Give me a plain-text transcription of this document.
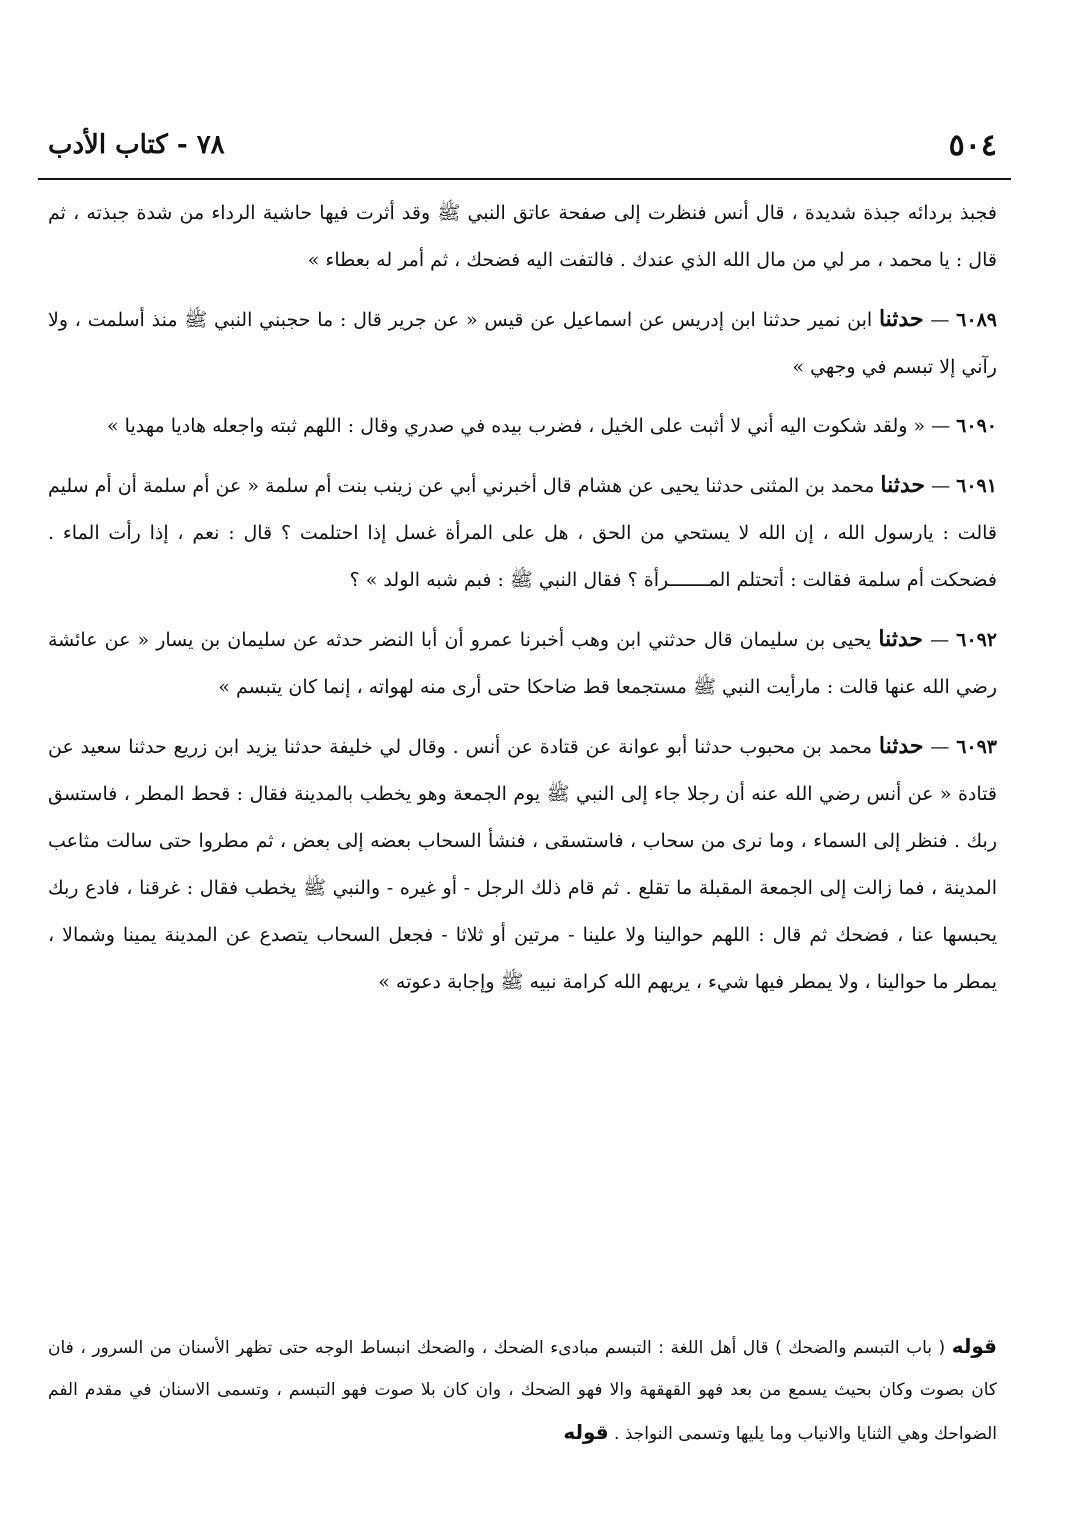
٥٠٤
٧٨ - كتاب الأدب

فجبذ بردائه جبذة شديدة ، قال أنس فنظرت إلى صفحة عاتق النبي ﷺ وقد أثرت فيها حاشية الرداء من شدة جبذته ، ثم قال : يا محمد ، مر لي من مال الله الذي عندك . فالتفت اليه فضحك ، ثم أمر له بعطاء »

٦٠٨٩ — حدثنا ابن نمير حدثنا ابن إدريس عن اسماعيل عن قيس « عن جرير قال : ما حجبني النبي ﷺ منذ أسلمت ، ولا رآني إلا تبسم في وجهي »

٦٠٩٠ — « ولقد شكوت اليه أني لا أثبت على الخيل ، فضرب بيده في صدري وقال : اللهم ثبته واجعله هاديا مهديا »

٦٠٩١ — حدثنا محمد بن المثنى حدثنا يحيى عن هشام قال أخبرني أبي عن زينب بنت أم سلمة « عن أم سلمة أن أم سليم قالت : يارسول الله ، إن الله لا يستحي من الحق ، هل على المرأة غسل إذا احتلمت ؟ قال : نعم ، إذا رأت الماء . فضحكت أم سلمة فقالت : أتحتلم المـــــــرأة ؟ فقال النبي ﷺ : فبم شبه الولد » ؟

٦٠٩٢ — حدثنا يحيى بن سليمان قال حدثني ابن وهب أخبرنا عمرو أن أبا النضر حدثه عن سليمان بن يسار « عن عائشة رضي الله عنها قالت : مارأيت النبي ﷺ مستجمعا قط ضاحكا حتى أرى منه لهواته ، إنما كان يتبسم »

٦٠٩٣ — حدثنا محمد بن محبوب حدثنا أبو عوانة عن قتادة عن أنس . وقال لي خليفة حدثنا يزيد ابن زريع حدثنا سعيد عن قتادة « عن أنس رضي الله عنه أن رجلا جاء إلى النبي ﷺ يوم الجمعة وهو يخطب بالمدينة فقال : قحط المطر ، فاستسق ربك . فنظر إلى السماء ، وما نرى من سحاب ، فاستسقى ، فنشأ السحاب بعضه إلى بعض ، ثم مطروا حتى سالت مثاعب المدينة ، فما زالت إلى الجمعة المقبلة ما تقلع . ثم قام ذلك الرجل - أو غيره - والنبي ﷺ يخطب فقال : غرقنا ، فادع ربك يحبسها عنا ، فضحك ثم قال : اللهم حوالينا ولا علينا - مرتين أو ثلاثا - فجعل السحاب يتصدع عن المدينة يمينا وشمالا ، يمطر ما حوالينا ، ولا يمطر فيها شيء ، يريهم الله كرامة نبيه ﷺ وإجابة دعوته »

قوله ( باب التبسم والضحك ) قال أهل اللغة : التبسم مبادىء الضحك ، والضحك انبساط الوجه حتى تظهر الأسنان من السرور ، فان كان بصوت وكان بحيث يسمع من بعد فهو القهقهة والا فهو الضحك ، وان كان بلا صوت فهو التبسم ، وتسمى الاسنان في مقدم الفم الضواحك وهي الثنايا والانياب وما يليها وتسمى النواجذ . قوله
